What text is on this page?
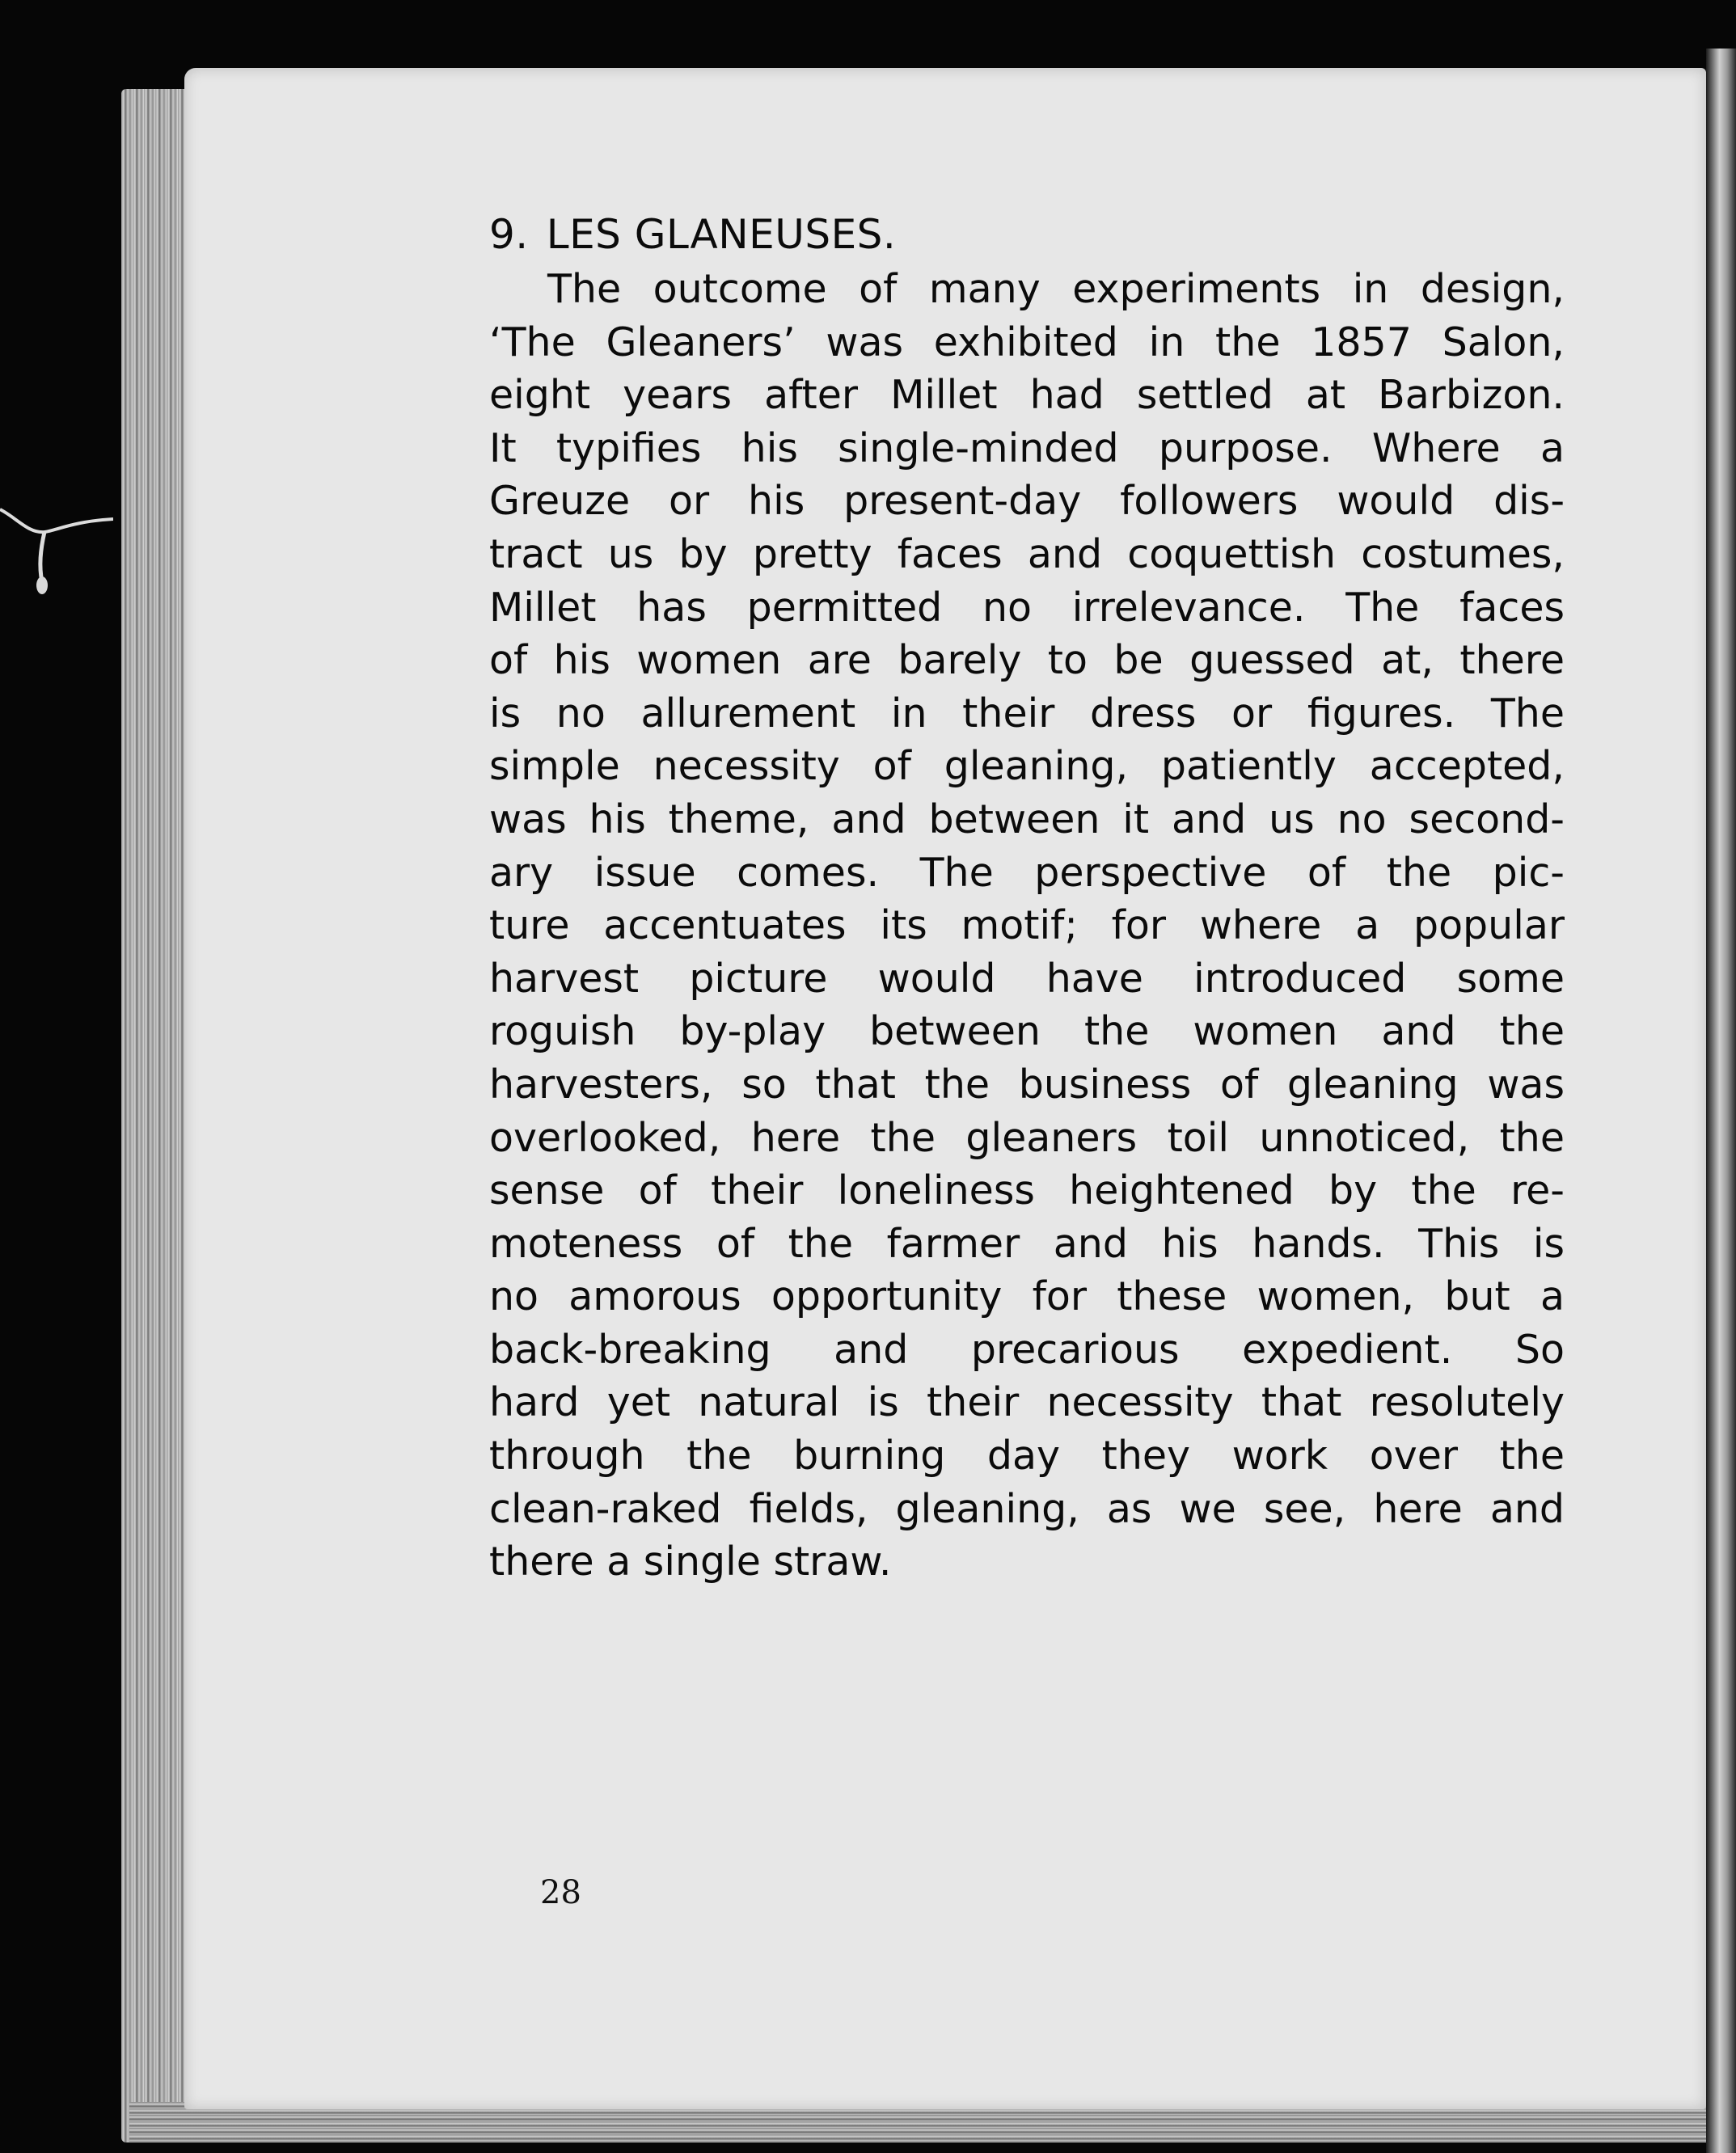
9. LES GLANEUSES.
The outcome of many experiments in design,
‘The Gleaners’ was exhibited in the 1857 Salon,
eight years after Millet had settled at Barbizon.
It typifies his single-minded purpose. Where a
Greuze or his present-day followers would dis-
tract us by pretty faces and coquettish costumes,
Millet has permitted no irrelevance. The faces
of his women are barely to be guessed at, there
is no allurement in their dress or figures. The
simple necessity of gleaning, patiently accepted,
was his theme, and between it and us no second-
ary issue comes. The perspective of the pic-
ture accentuates its motif; for where a popular
harvest picture would have introduced some
roguish by-play between the women and the
harvesters, so that the business of gleaning was
overlooked, here the gleaners toil unnoticed, the
sense of their loneliness heightened by the re-
moteness of the farmer and his hands. This is
no amorous opportunity for these women, but a
back-breaking and precarious expedient. So
hard yet natural is their necessity that resolutely
through the burning day they work over the
clean-raked fields, gleaning, as we see, here and
there a single straw.
28
